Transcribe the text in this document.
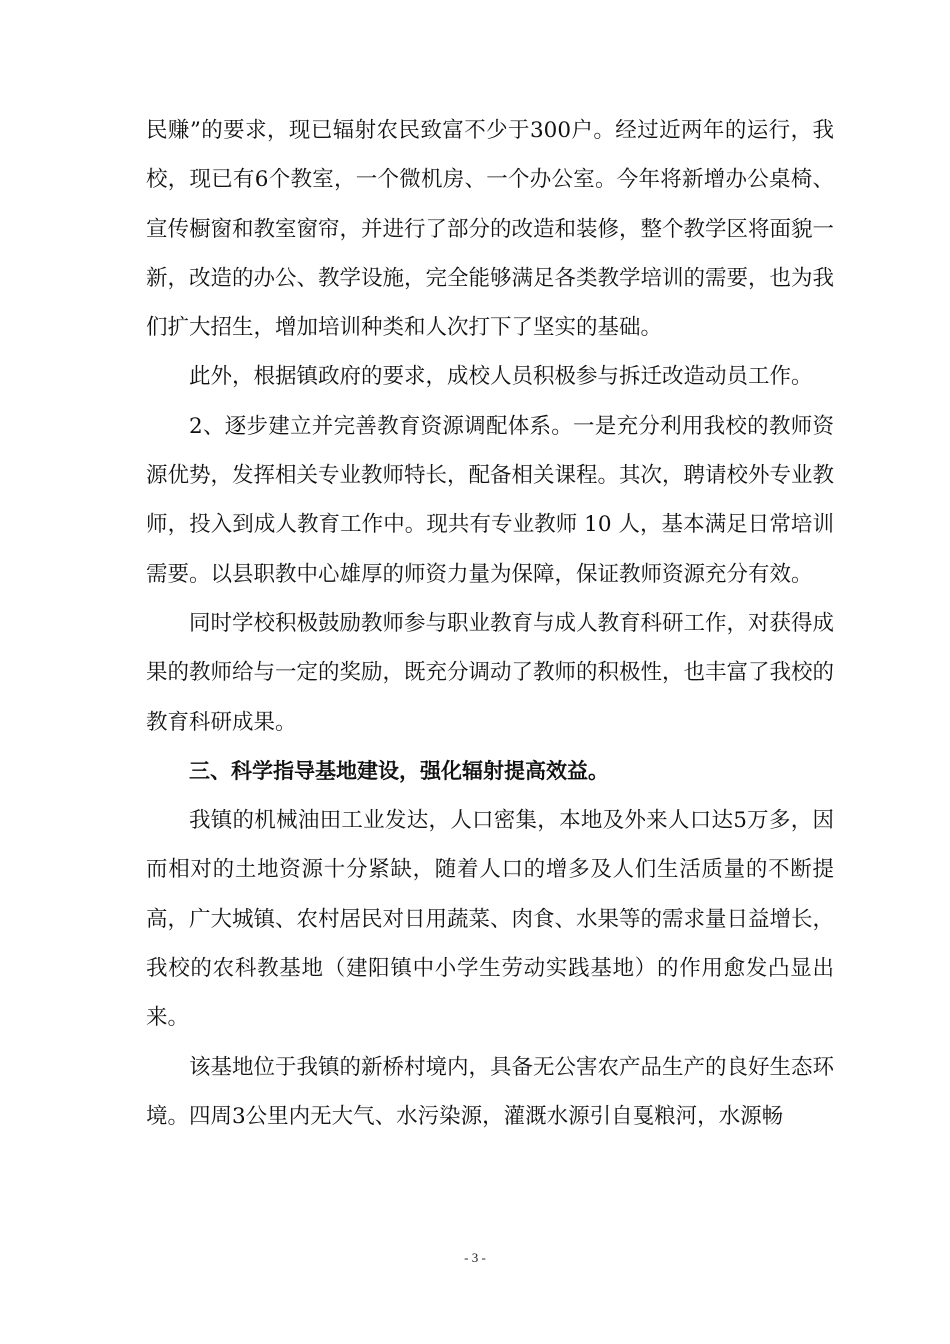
民赚”的要求，现已辐射农民致富不少于300户。经过近两年的运行，我校，现已有6个教室，一个微机房、一个办公室。今年将新增办公桌椅、宣传橱窗和教室窗帘，并进行了部分的改造和装修，整个教学区将面貌一新，改造的办公、教学设施，完全能够满足各类教学培训的需要，也为我们扩大招生，增加培训种类和人次打下了坚实的基础。

此外，根据镇政府的要求，成校人员积极参与拆迁改造动员工作。

2、逐步建立并完善教育资源调配体系。一是充分利用我校的教师资源优势，发挥相关专业教师特长，配备相关课程。其次，聘请校外专业教师，投入到成人教育工作中。现共有专业教师 10 人，基本满足日常培训需要。以县职教中心雄厚的师资力量为保障，保证教师资源充分有效。

同时学校积极鼓励教师参与职业教育与成人教育科研工作，对获得成果的教师给与一定的奖励，既充分调动了教师的积极性，也丰富了我校的教育科研成果。

三、科学指导基地建设，强化辐射提高效益。

我镇的机械油田工业发达，人口密集，本地及外来人口达5万多，因而相对的土地资源十分紧缺，随着人口的增多及人们生活质量的不断提高，广大城镇、农村居民对日用蔬菜、肉食、水果等的需求量日益增长，我校的农科教基地（建阳镇中小学生劳动实践基地）的作用愈发凸显出来。

该基地位于我镇的新桥村境内，具备无公害农产品生产的良好生态环境。四周3公里内无大气、水污染源，灌溉水源引自戛粮河，水源畅

- 3 -
